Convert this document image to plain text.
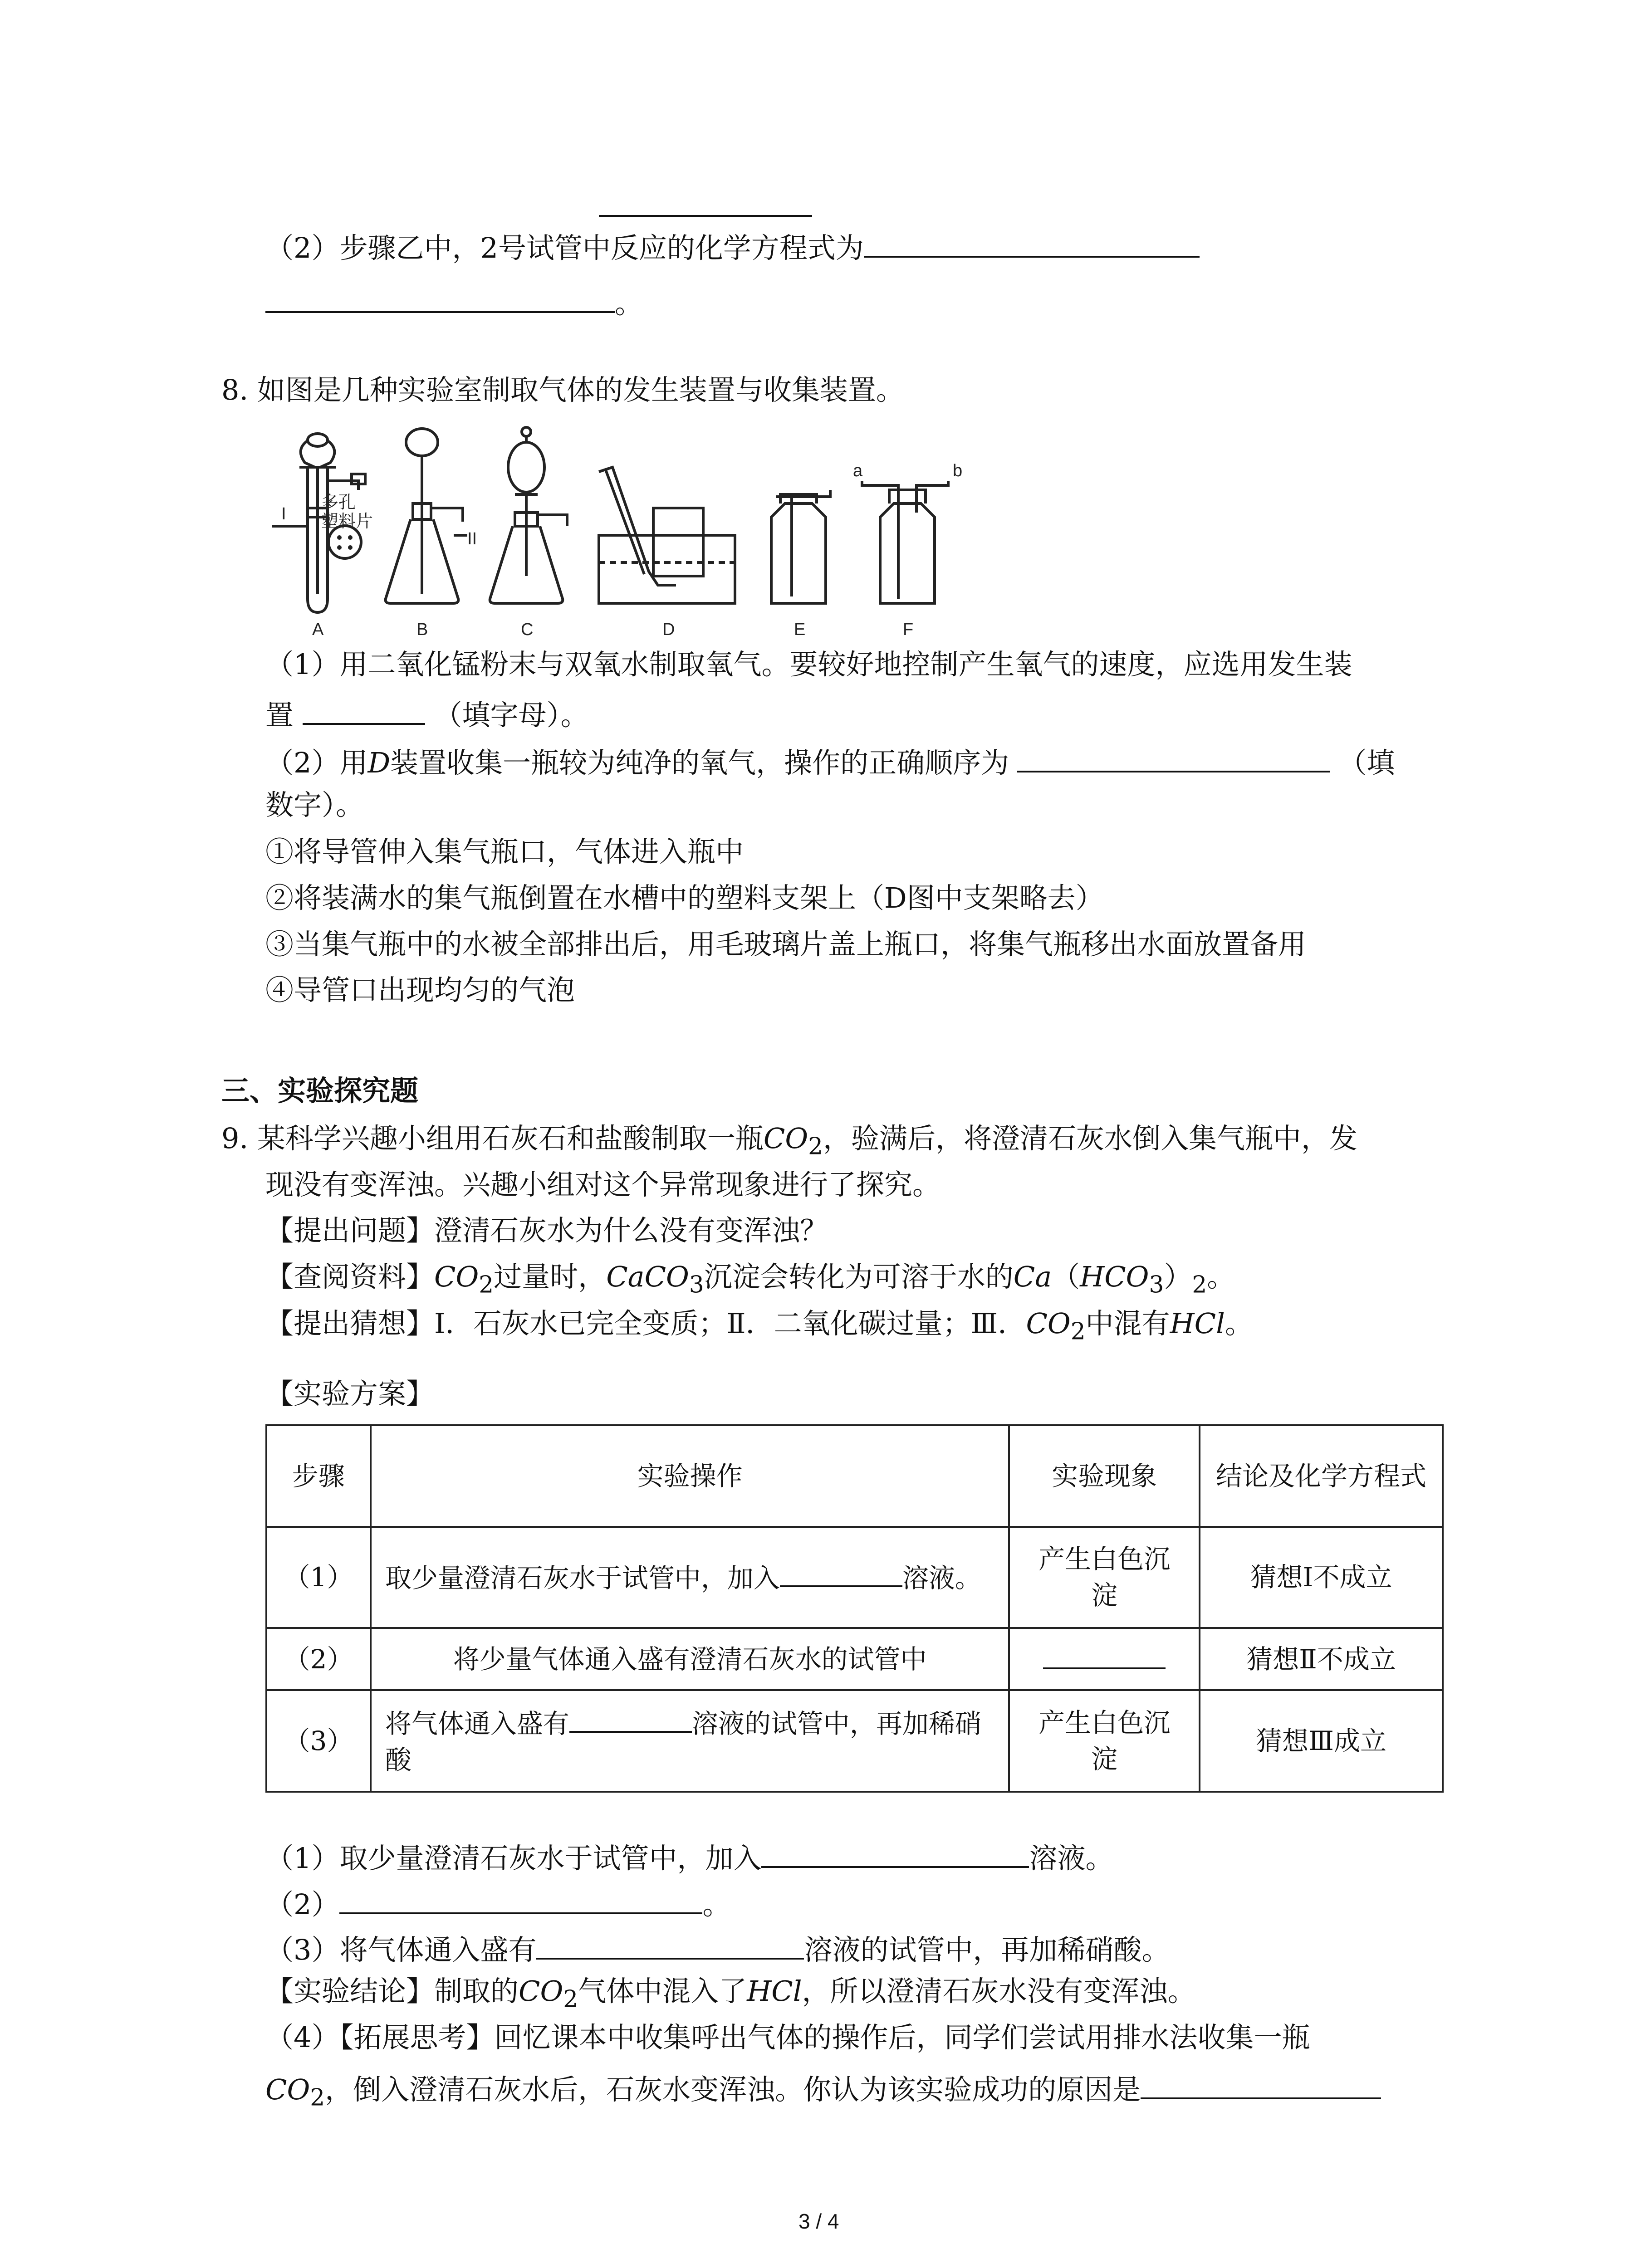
（2）步骤乙中，2号试管中反应的化学方程式为
。
8. 如图是几种实验室制取气体的发生装置与收集装置。
I
多孔
塑料片
A
II
B	C	D	E
a	b
F
（1）用二氧化锰粉末与双氧水制取氧气。要较好地控制产生氧气的速度，应选用发生装
置	（填字母）。
（2）用D装置收集一瓶较为纯净的氧气，操作的正确顺序为	（填
数字）。
①将导管伸入集气瓶口，气体进入瓶中
②将装满水的集气瓶倒置在水槽中的塑料支架上（D图中支架略去）
③当集气瓶中的水被全部排出后，用毛玻璃片盖上瓶口，将集气瓶移出水面放置备用
④导管口出现均匀的气泡
三、实验探究题
9. 某科学兴趣小组用石灰石和盐酸制取一瓶$CO_2$，验满后，将澄清石灰水倒入集气瓶中，发
现没有变浑浊。兴趣小组对这个异常现象进行了探究。
【提出问题】澄清石灰水为什么没有变浑浊？
【查阅资料】$CO_2$过量时，CaCO$_3$沉淀会转化为可溶于水的$Ca(HCO_3)_2$。
【提出猜想】Ⅰ．石灰水已完全变质；Ⅱ．二氧化碳过量；Ⅲ．$CO_2$中混有HCl。
【实验方案】
步骤	实验操作	实验现象	结论及化学方程式
（1）	取少量澄清石灰水于试管中，加入 溶液。	产生白色沉淀	猜想Ⅰ不成立
（2）	将少量气体通入盛有澄清石灰水的试管中		猜想Ⅱ不成立
（3）	将气体通入盛有 溶液的试管中，再加稀硝酸	产生白色沉淀	猜想Ⅲ成立
（1）取少量澄清石灰水于试管中，加入	溶液。
（2）	。
（3）将气体通入盛有	溶液的试管中，再加稀硝酸。
【实验结论】制取的$CO_2$气体中混入了HCl，所以澄清石灰水没有变浑浊。
（4）【拓展思考】回忆课本中收集呼出气体的操作后，同学们尝试用排水法收集一瓶
$CO_2$，倒入澄清石灰水后，石灰水变浑浊。你认为该实验成功的原因是
3 / 4
